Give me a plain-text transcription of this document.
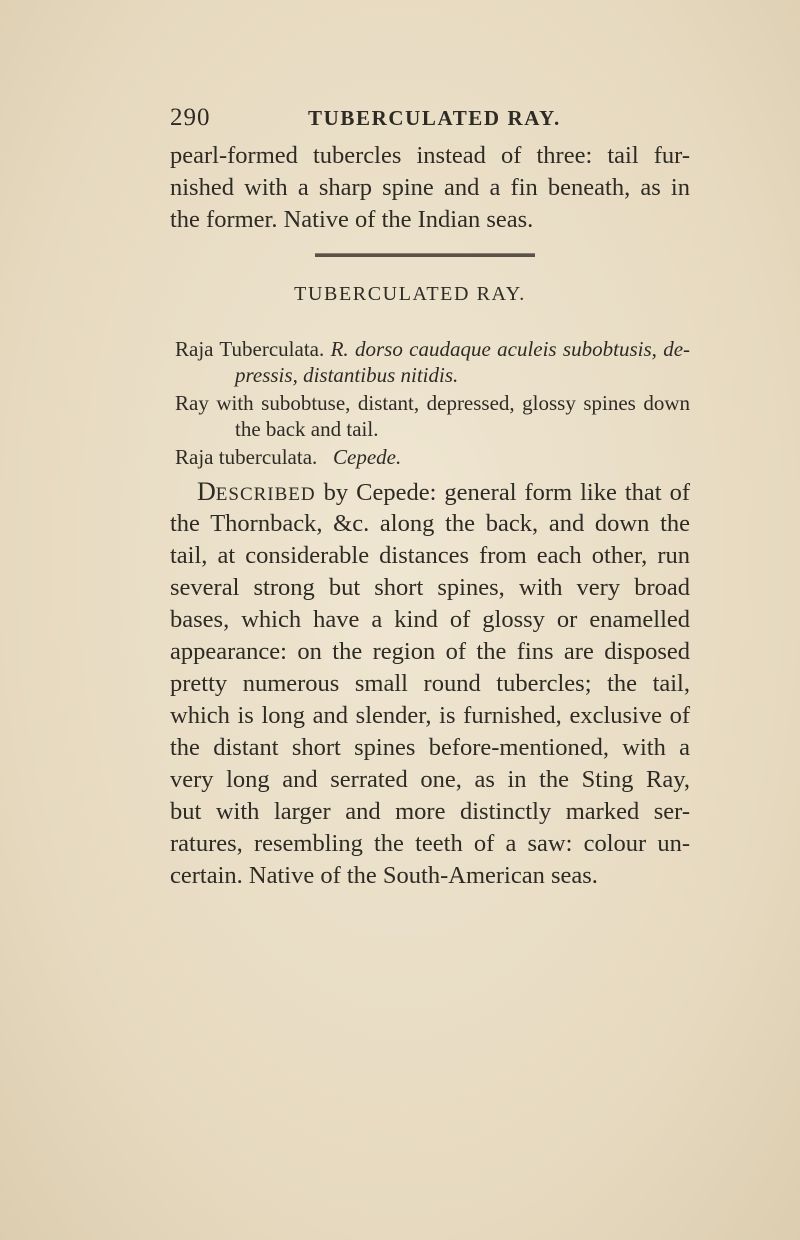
290	TUBERCULATED RAY.
pearl-formed tubercles instead of three: tail fur-
nished with a sharp spine and a fin beneath, as in
the former. Native of the Indian seas.
TUBERCULATED RAY.
Raja Tuberculata. R. dorso caudaque aculeis subobtusis, de-
pressis, distantibus nitidis.
Ray with subobtuse, distant, depressed, glossy spines down
the back and tail.
Raja tuberculata. Cepede.
DESCRIBED by Cepede: general form like that of
the Thornback, &c. along the back, and down the
tail, at considerable distances from each other, run
several strong but short spines, with very broad
bases, which have a kind of glossy or enamelled
appearance: on the region of the fins are disposed
pretty numerous small round tubercles; the tail,
which is long and slender, is furnished, exclusive of
the distant short spines before-mentioned, with a
very long and serrated one, as in the Sting Ray,
but with larger and more distinctly marked ser-
ratures, resembling the teeth of a saw: colour un-
certain. Native of the South-American seas.
